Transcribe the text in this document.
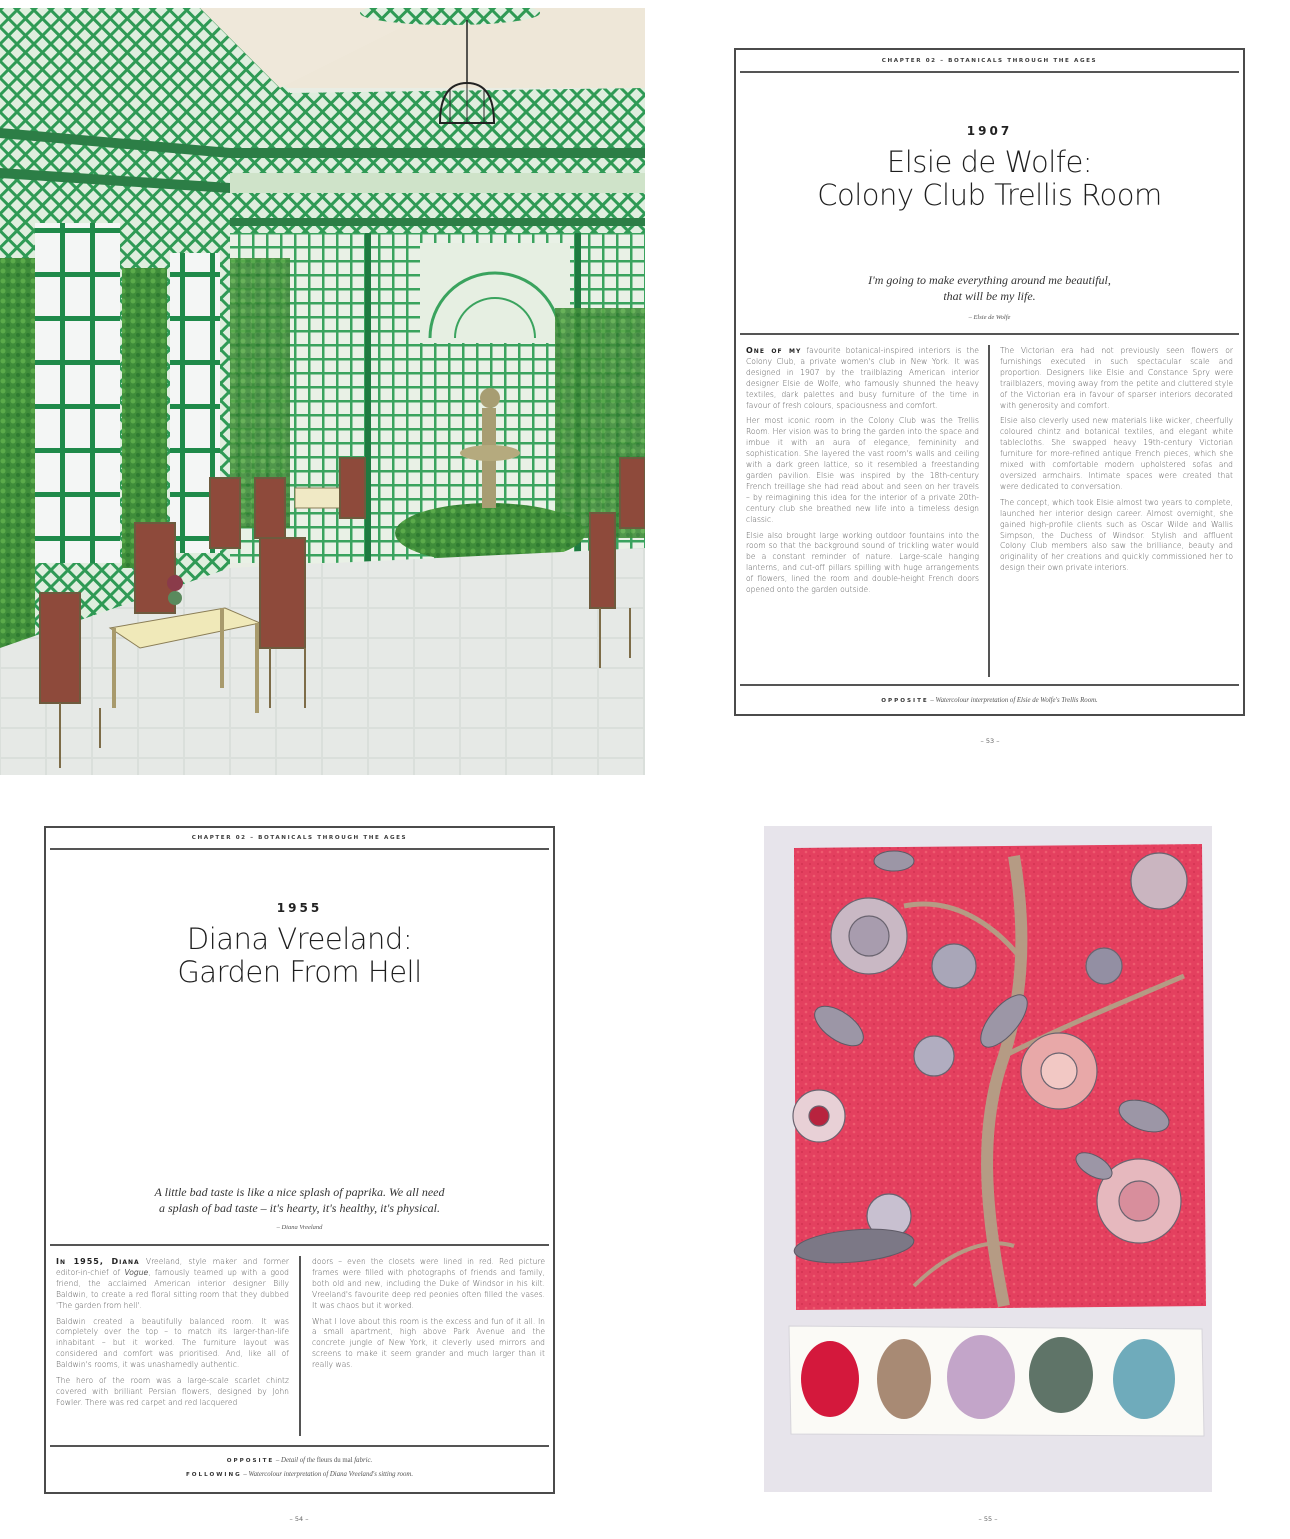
CHAPTER 02 – BOTANICALS THROUGH THE AGES
1907
Elsie de Wolfe:
Colony Club Trellis Room
I'm going to make everything around me beautiful,
that will be my life.
– Elsie de Wolfe

One of my favourite botanical-inspired interiors is the Colony Club, a private women's club in New York. It was designed in 1907 by the trailblazing American interior designer Elsie de Wolfe, who famously shunned the heavy textiles, dark palettes and busy furniture of the time in favour of fresh colours, spaciousness and comfort.

Her most iconic room in the Colony Club was the Trellis Room. Her vision was to bring the garden into the space and imbue it with an aura of elegance, femininity and sophistication. She layered the vast room's walls and ceiling with a dark green lattice, so it resembled a freestanding garden pavilion. Elsie was inspired by the 18th-century French treillage she had read about and seen on her travels – by reimagining this idea for the interior of a private 20th-century club she breathed new life into a timeless design classic.

Elsie also brought large working outdoor fountains into the room so that the background sound of trickling water would be a constant reminder of nature. Large-scale hanging lanterns, and cut-off pillars spilling with huge arrangements of flowers, lined the room and double-height French doors opened onto the garden outside.

The Victorian era had not previously seen flowers or furnishings executed in such spectacular scale and proportion. Designers like Elsie and Constance Spry were trailblazers, moving away from the petite and cluttered style of the Victorian era in favour of sparser interiors decorated with generosity and comfort.

Elsie also cleverly used new materials like wicker, cheerfully coloured chintz and botanical textiles, and elegant white tablecloths. She swapped heavy 19th-century Victorian furniture for more-refined antique French pieces, which she mixed with comfortable modern upholstered sofas and oversized armchairs. Intimate spaces were created that were dedicated to conversation.

The concept, which took Elsie almost two years to complete, launched her interior design career. Almost overnight, she gained high-profile clients such as Oscar Wilde and Wallis Simpson, the Duchess of Windsor. Stylish and affluent Colony Club members also saw the brilliance, beauty and originality of her creations and quickly commissioned her to design their own private interiors.

OPPOSITE – Watercolour interpretation of Elsie de Wolfe's Trellis Room.
– 53 –
CHAPTER 02 – BOTANICALS THROUGH THE AGES
1955
Diana Vreeland:
Garden From Hell
A little bad taste is like a nice splash of paprika. We all need
a splash of bad taste – it's hearty, it's healthy, it's physical.
– Diana Vreeland

In 1955, Diana Vreeland, style maker and former editor-in-chief of Vogue, famously teamed up with a good friend, the acclaimed American interior designer Billy Baldwin, to create a red floral sitting room that they dubbed 'The garden from hell'.

Baldwin created a beautifully balanced room. It was completely over the top – to match its larger-than-life inhabitant – but it worked. The furniture layout was considered and comfort was prioritised. And, like all of Baldwin's rooms, it was unashamedly authentic.

The hero of the room was a large-scale scarlet chintz covered with brilliant Persian flowers, designed by John Fowler. There was red carpet and red lacquered

doors – even the closets were lined in red. Red picture frames were filled with photographs of friends and family, both old and new, including the Duke of Windsor in his kilt. Vreeland's favourite deep red peonies often filled the vases. It was chaos but it worked.

What I love about this room is the excess and fun of it all. In a small apartment, high above Park Avenue and the concrete jungle of New York, it cleverly used mirrors and screens to make it seem grander and much larger than it really was.

OPPOSITE – Detail of the fleurs du mal fabric.
FOLLOWING – Watercolour interpretation of Diana Vreeland's sitting room.
– 54 –	– 55 –
